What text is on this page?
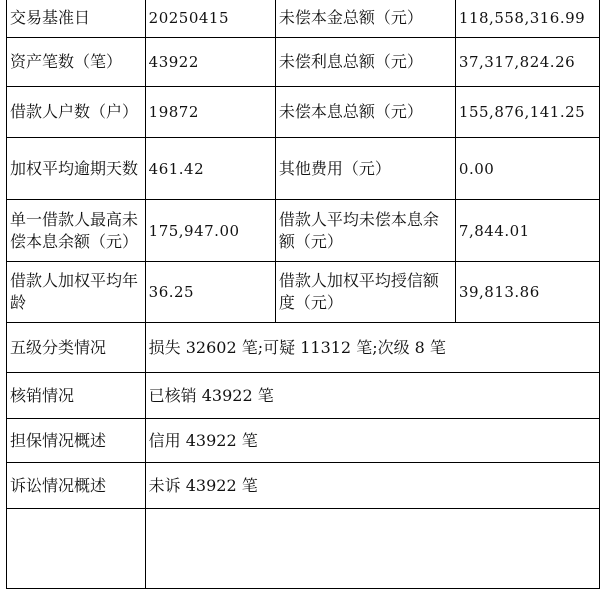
交易基准日	20250415	未偿本金总额（元）	118,558,316.99
资产笔数（笔）	43922	未偿利息总额（元）	37,317,824.26
借款人户数（户）	19872	未偿本息总额（元）	155,876,141.25
加权平均逾期天数	461.42	其他费用（元）	0.00
单一借款人最高未偿本息余额（元）	175,947.00	借款人平均未偿本息余额（元）	7,844.01
借款人加权平均年龄	36.25	借款人加权平均授信额度（元）	39,813.86
五级分类情况	损失 32602 笔;可疑 11312 笔;次级 8 笔		
核销情况	已核销 43922 笔		
担保情况概述	信用 43922 笔		
诉讼情况概述	未诉 43922 笔		
